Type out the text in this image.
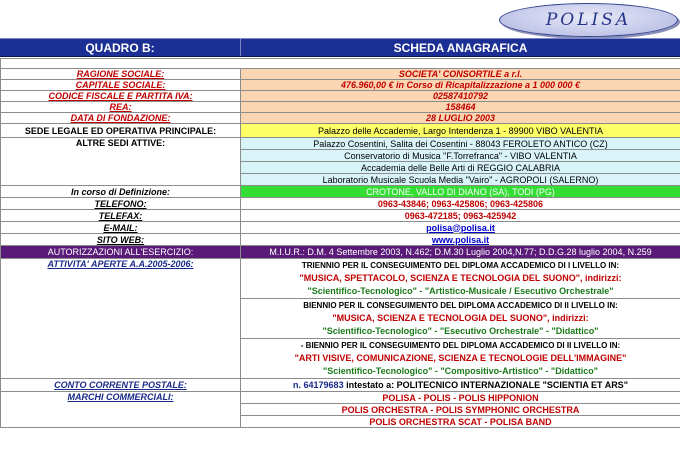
POLISA
QUADRO B:	SCHEDA ANAGRAFICA

RAGIONE SOCIALE:	SOCIETA' CONSORTILE a r.l.
CAPITALE SOCIALE:	476.960,00 € in Corso di Ricapitalizzazione a 1 000 000 €
CODICE FISCALE E PARTITA IVA:	02587410792
REA:	158464
DATA DI FONDAZIONE:	28 LUGLIO 2003
SEDE LEGALE ED OPERATIVA PRINCIPALE:	Palazzo delle Accademie, Largo Intendenza 1 - 89900 VIBO VALENTIA
ALTRE SEDI ATTIVE:	Palazzo Cosentini, Salita dei Cosentini - 88043 FEROLETO ANTICO (CZ)
	Conservatorio di Musica "F.Torrefranca" - VIBO VALENTIA
	Accademia delle Belle Arti di REGGIO CALABRIA
	Laboratorio Musicale Scuola Media "Vairo" - AGROPOLI (SALERNO)
In corso di Definizione:	CROTONE, VALLO DI DIANO (SA), TODI (PG)
TELEFONO:	0963-43846; 0963-425806; 0963-425806
TELEFAX:	0963-472185; 0963-425942
E-MAIL:	polisa@polisa.it
SITO WEB:	www.polisa.it
AUTORIZZAZIONI ALL'ESERCIZIO:	M.I.U.R.: D.M. 4 Settembre 2003, N.462; D.M.30 Luglio 2004,N.77; D.D.G.28 luglio 2004, N.259
ATTIVITA' APERTE A.A.2005-2006:	TRIENNIO PER IL CONSEGUIMENTO DEL DIPLOMA ACCADEMICO DI I LIVELLO IN:
"MUSICA, SPETTACOLO, SCIENZA E TECNOLOGIA DEL SUONO", indirizzi:
"Scientifico-Tecnologico" - "Artistico-Musicale / Esecutivo Orchestrale"

	BIENNIO PER IL CONSEGUIMENTO DEL DIPLOMA ACCADEMICO DI II LIVELLO IN:
"MUSICA, SCIENZA E TECNOLOGIA DEL SUONO", indirizzi:
"Scientifico-Tecnologico" - "Esecutivo Orchestrale" - "Didattico"

	- BIENNIO PER IL CONSEGUIMENTO DEL DIPLOMA ACCADEMICO DI II LIVELLO IN:
"ARTI VISIVE, COMUNICAZIONE, SCIENZA E TECNOLOGIE DELL'IMMAGINE"
"Scientifico-Tecnologico" - "Compositivo-Artistico" - "Didattico"

CONTO CORRENTE POSTALE:	n. 64179683 intestato a: POLITECNICO INTERNAZIONALE "SCIENTIA ET ARS"
MARCHI COMMERCIALI:	POLISA - POLIS - POLIS HIPPONION
	POLIS ORCHESTRA - POLIS SYMPHONIC ORCHESTRA
	POLIS ORCHESTRA SCAT - POLISA BAND
